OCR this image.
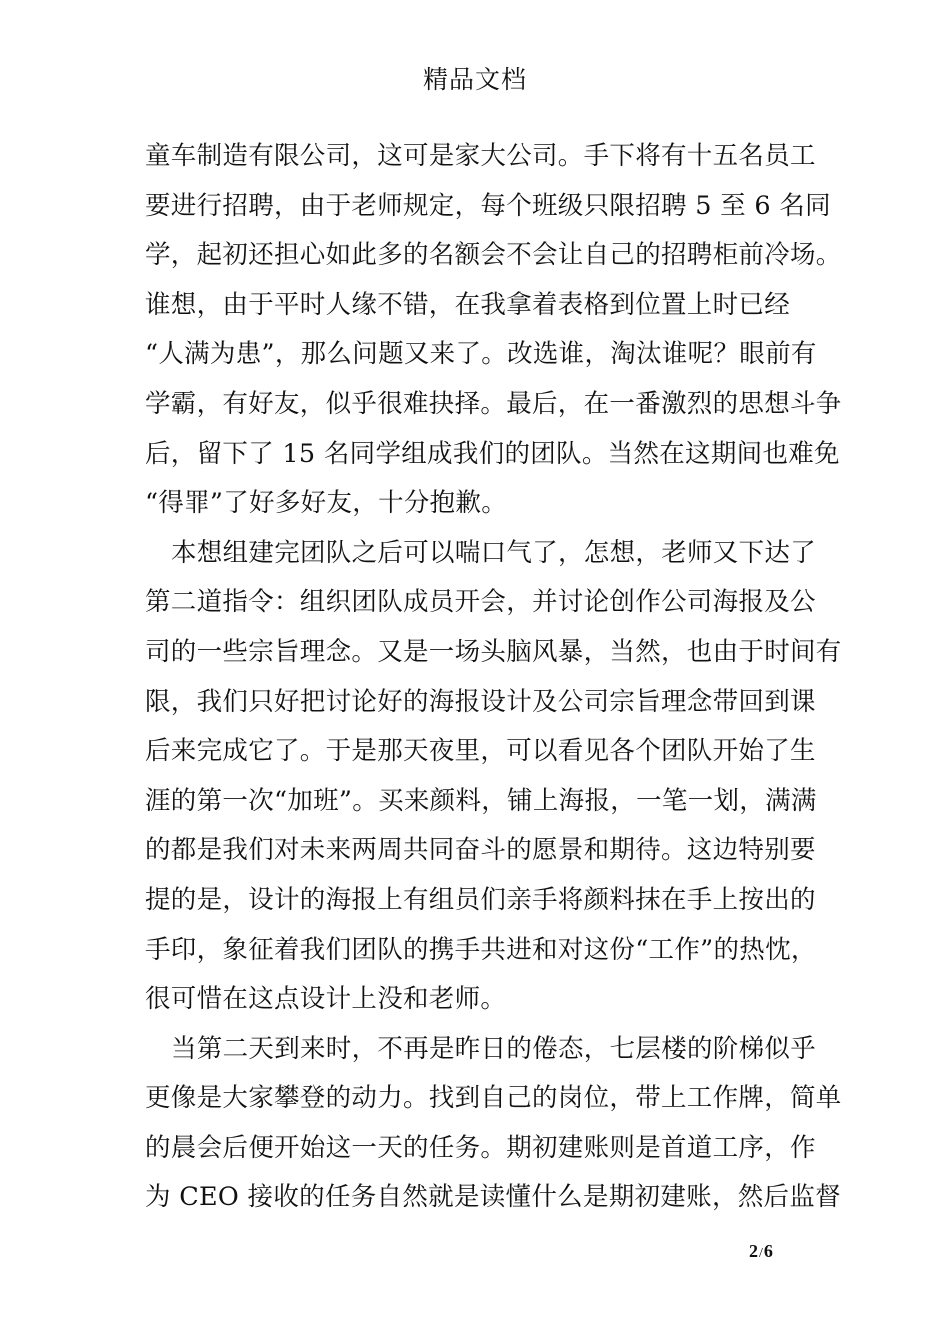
精品文档
童车制造有限公司，这可是家大公司。手下将有十五名员工
要进行招聘，由于老师规定，每个班级只限招聘 5 至 6 名同
学，起初还担心如此多的名额会不会让自己的招聘柜前冷场。
谁想，由于平时人缘不错，在我拿着表格到位置上时已经
“人满为患”，那么问题又来了。改选谁，淘汰谁呢？眼前有
学霸，有好友，似乎很难抉择。最后，在一番激烈的思想斗争
后，留下了 15 名同学组成我们的团队。当然在这期间也难免
“得罪”了好多好友，十分抱歉。
本想组建完团队之后可以喘口气了，怎想，老师又下达了
第二道指令：组织团队成员开会，并讨论创作公司海报及公
司的一些宗旨理念。又是一场头脑风暴，当然，也由于时间有
限，我们只好把讨论好的海报设计及公司宗旨理念带回到课
后来完成它了。于是那天夜里，可以看见各个团队开始了生
涯的第一次“加班”。买来颜料，铺上海报，一笔一划，满满
的都是我们对未来两周共同奋斗的愿景和期待。这边特别要
提的是，设计的海报上有组员们亲手将颜料抹在手上按出的
手印，象征着我们团队的携手共进和对这份“工作”的热忱，
很可惜在这点设计上没和老师。
当第二天到来时，不再是昨日的倦态，七层楼的阶梯似乎
更像是大家攀登的动力。找到自己的岗位，带上工作牌，简单
的晨会后便开始这一天的任务。期初建账则是首道工序，作
为 CEO 接收的任务自然就是读懂什么是期初建账，然后监督
2/6
